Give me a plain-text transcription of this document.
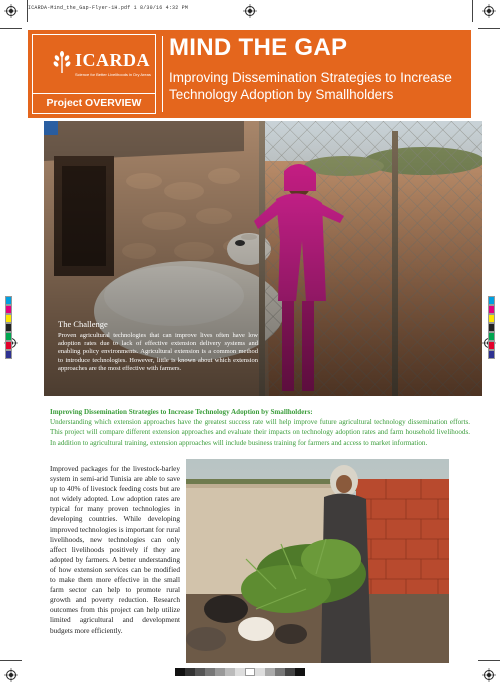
ICARDA-Mind_the_Gap-Flyer-1H.pdf 1 8/30/16 4:32 PM
ICARDA
Science for Better Livelihoods in Dry Areas
Project OVERVIEW
MIND THE GAP
Improving Dissemination Strategies to Increase Technology Adoption by Smallholders
The Challenge
Proven agricultural technologies that can improve lives often have low adoption rates due to lack of effective extension delivery systems and enabling policy environments. Agricultural extension is a common method to introduce technologies. However, little is known about which extension approaches are the most effective with farmers.
Improving Dissemination Strategies to Increase Technology Adoption by Smallholders:
Understanding which extension approaches have the greatest success rate will help improve future agricultural technology dissemination efforts. This project will compare different extension approaches and evaluate their impacts on technology adoption rates and farm household livelihoods. In addition to agricultural training, extension approaches will include business training for farmers and access to market information.
Improved packages for the livestock-barley system in semi-arid Tunisia are able to save up to 40% of livestock feeding costs but are not widely adopted. Low adoption rates are typical for many proven technologies in developing countries. While developing improved technologies is important for rural livelihoods, new technologies can only affect livelihoods positively if they are adopted by farmers. A better understanding of how extension services can be modified to make them more effective in the small farm sector can help to promote rural growth and poverty reduction. Research outcomes from this project can help utilize limited agricultural and development budgets more efficiently.
